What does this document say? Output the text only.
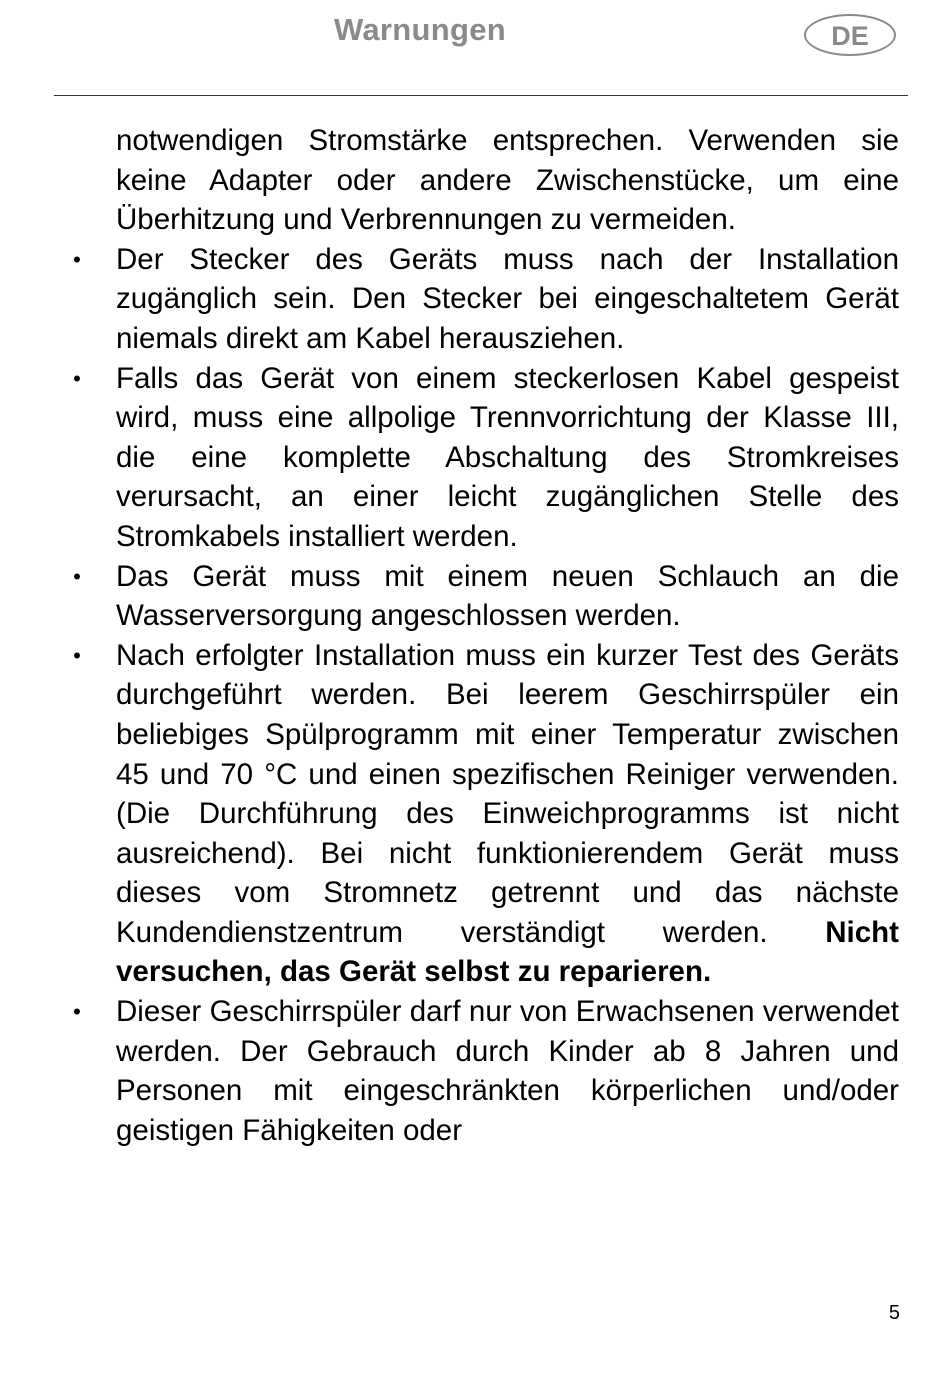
Warnungen	DE

notwendigen Stromstärke entsprechen. Verwenden sie keine Adapter oder andere Zwischenstücke, um eine Überhitzung und Verbrennungen zu vermeiden.

• Der Stecker des Geräts muss nach der Installation zugänglich sein. Den Stecker bei eingeschaltetem Gerät niemals direkt am Kabel herausziehen.
• Falls das Gerät von einem steckerlosen Kabel gespeist wird, muss eine allpolige Trennvorrichtung der Klasse III, die eine komplette Abschaltung des Stromkreises verursacht, an einer leicht zugänglichen Stelle des Stromkabels installiert werden.
• Das Gerät muss mit einem neuen Schlauch an die Wasserversorgung angeschlossen werden.
• Nach erfolgter Installation muss ein kurzer Test des Geräts durchgeführt werden. Bei leerem Geschirrspüler ein beliebiges Spülprogramm mit einer Temperatur zwischen 45 und 70 °C und einen spezifischen Reiniger verwenden. (Die Durchführung des Einweichprogramms ist nicht ausreichend). Bei nicht funktionierendem Gerät muss dieses vom Stromnetz getrennt und das nächste Kundendienstzentrum verständigt werden. Nicht versuchen, das Gerät selbst zu reparieren.
• Dieser Geschirrspüler darf nur von Erwachsenen verwendet werden. Der Gebrauch durch Kinder ab 8 Jahren und Personen mit eingeschränkten körperlichen und/oder geistigen Fähigkeiten oder
5
